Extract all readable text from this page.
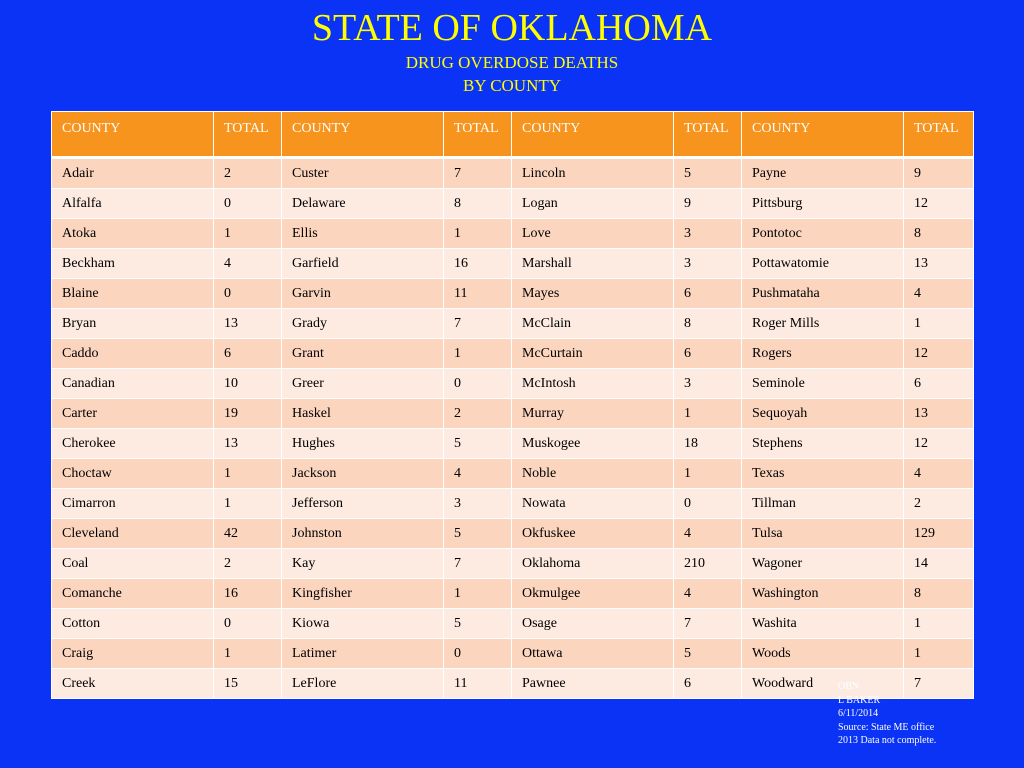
STATE OF OKLAHOMA
DRUG OVERDOSE DEATHS
BY COUNTY
COUNTY	TOTAL	COUNTY	TOTAL	COUNTY	TOTAL	COUNTY	TOTAL
Adair	2	Custer	7	Lincoln	5	Payne	9
Alfalfa	0	Delaware	8	Logan	9	Pittsburg	12
Atoka	1	Ellis	1	Love	3	Pontotoc	8
Beckham	4	Garfield	16	Marshall	3	Pottawatomie	13
Blaine	0	Garvin	11	Mayes	6	Pushmataha	4
Bryan	13	Grady	7	McClain	8	Roger Mills	1
Caddo	6	Grant	1	McCurtain	6	Rogers	12
Canadian	10	Greer	0	McIntosh	3	Seminole	6
Carter	19	Haskel	2	Murray	1	Sequoyah	13
Cherokee	13	Hughes	5	Muskogee	18	Stephens	12
Choctaw	1	Jackson	4	Noble	1	Texas	4
Cimarron	1	Jefferson	3	Nowata	0	Tillman	2
Cleveland	42	Johnston	5	Okfuskee	4	Tulsa	129
Coal	2	Kay	7	Oklahoma	210	Wagoner	14
Comanche	16	Kingfisher	1	Okmulgee	4	Washington	8
Cotton	0	Kiowa	5	Osage	7	Washita	1
Craig	1	Latimer	0	Ottawa	5	Woods	1
Creek	15	LeFlore	11	Pawnee	6	Woodward	7
OBN
L BAKER
6/11/2014
Source: State ME office
2013 Data not complete.
